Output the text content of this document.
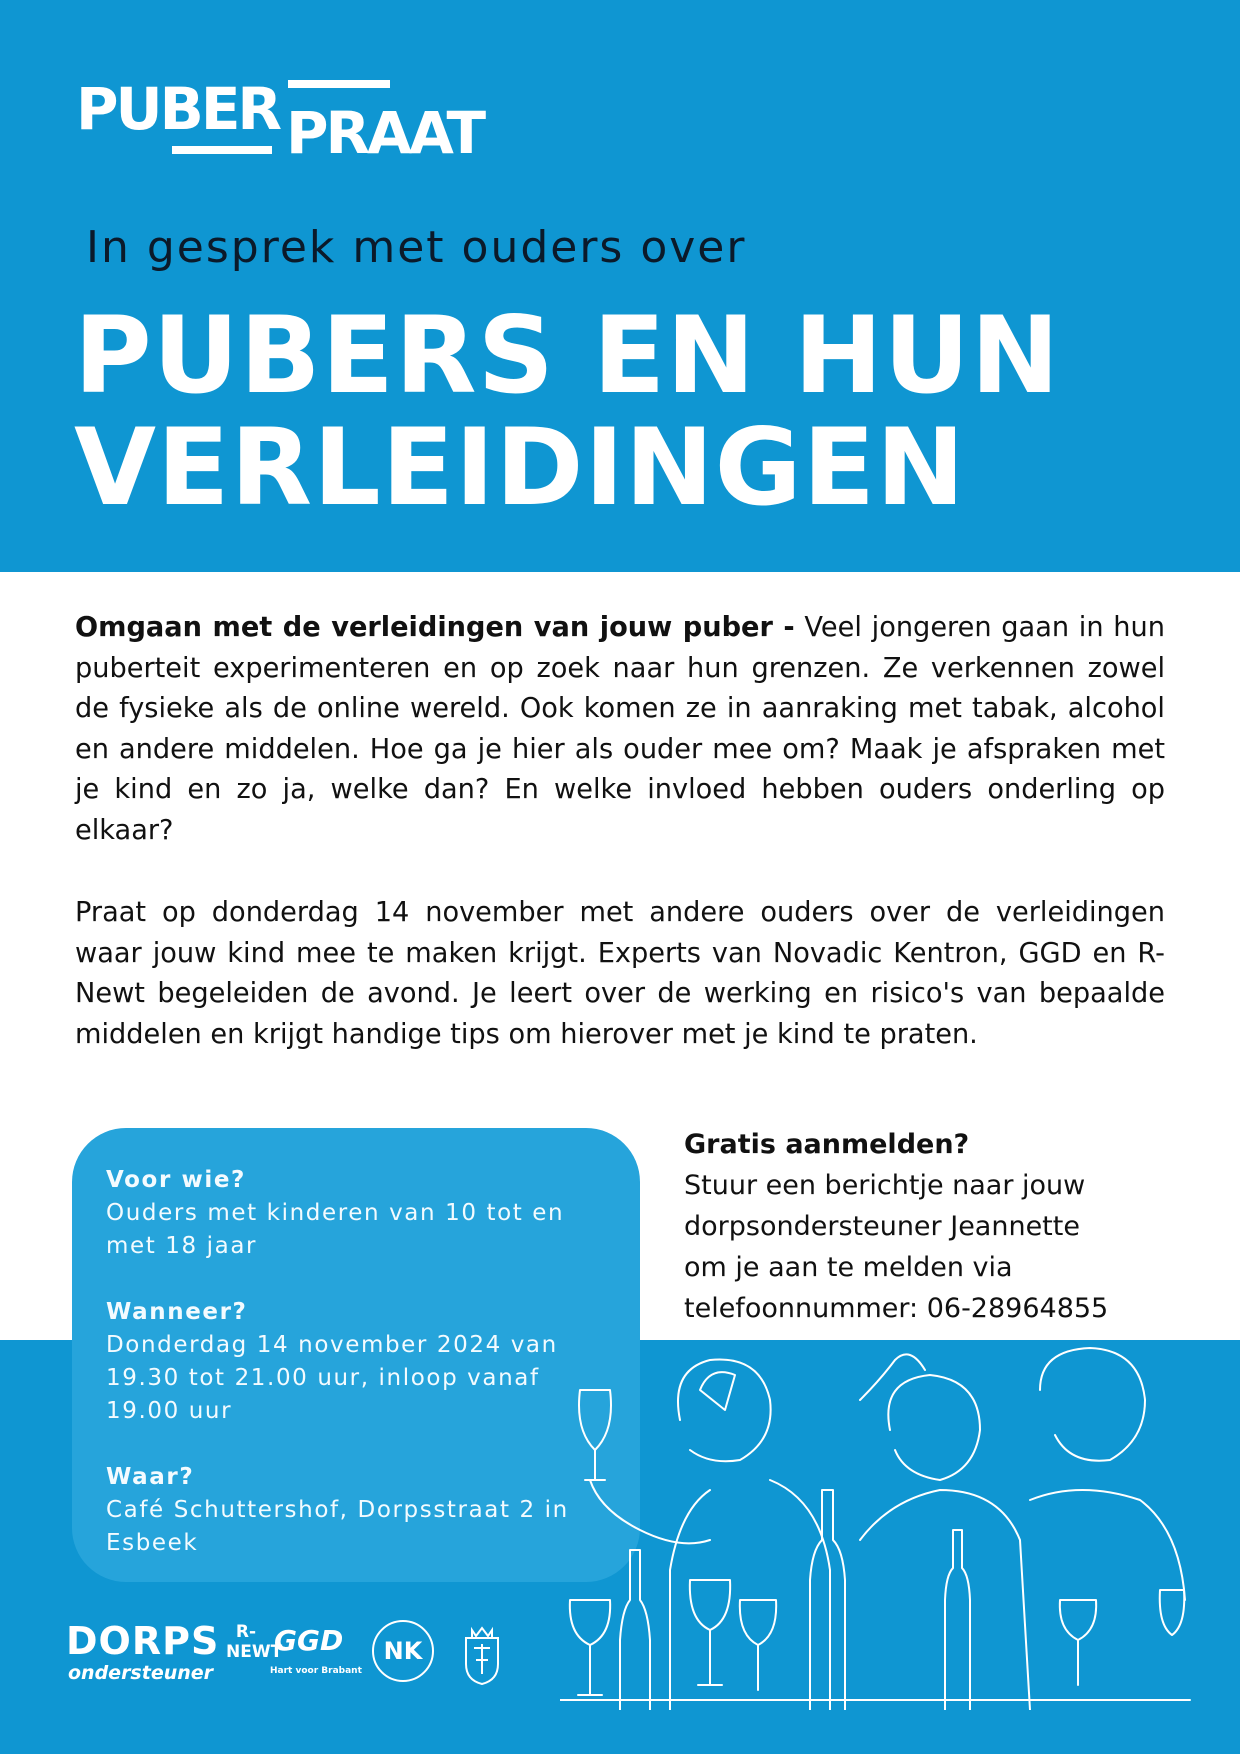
PUBER PRAAT
In gesprek met ouders over
PUBERS EN HUN
VERLEIDINGEN

Omgaan met de verleidingen van jouw puber - Veel jongeren gaan in hun puberteit experimenteren en op zoek naar hun grenzen. Ze verkennen zowel de fysieke als de online wereld. Ook komen ze in aanraking met tabak, alcohol en andere middelen. Hoe ga je hier als ouder mee om? Maak je afspraken met je kind en zo ja, welke dan? En welke invloed hebben ouders onderling op elkaar?

Praat op donderdag 14 november met andere ouders over de verleidingen waar jouw kind mee te maken krijgt. Experts van Novadic Kentron, GGD en R-Newt begeleiden de avond. Je leert over de werking en risico's van bepaalde middelen en krijgt handige tips om hierover met je kind te praten.

Voor wie?
Ouders met kinderen van 10 tot en met 18 jaar
Wanneer?
Donderdag 14 november 2024 van 19.30 tot 21.00 uur, inloop vanaf 19.00 uur
Waar?
Café Schuttershof, Dorpsstraat 2 in Esbeek
Gratis aanmelden?
Stuur een berichtje naar jouw
dorpsondersteuner Jeannette
om je aan te melden via
telefoonnummer: 06-28964855
DORPS
ondersteuner
R-NEWT
GGD
Hart voor Brabant
NK
